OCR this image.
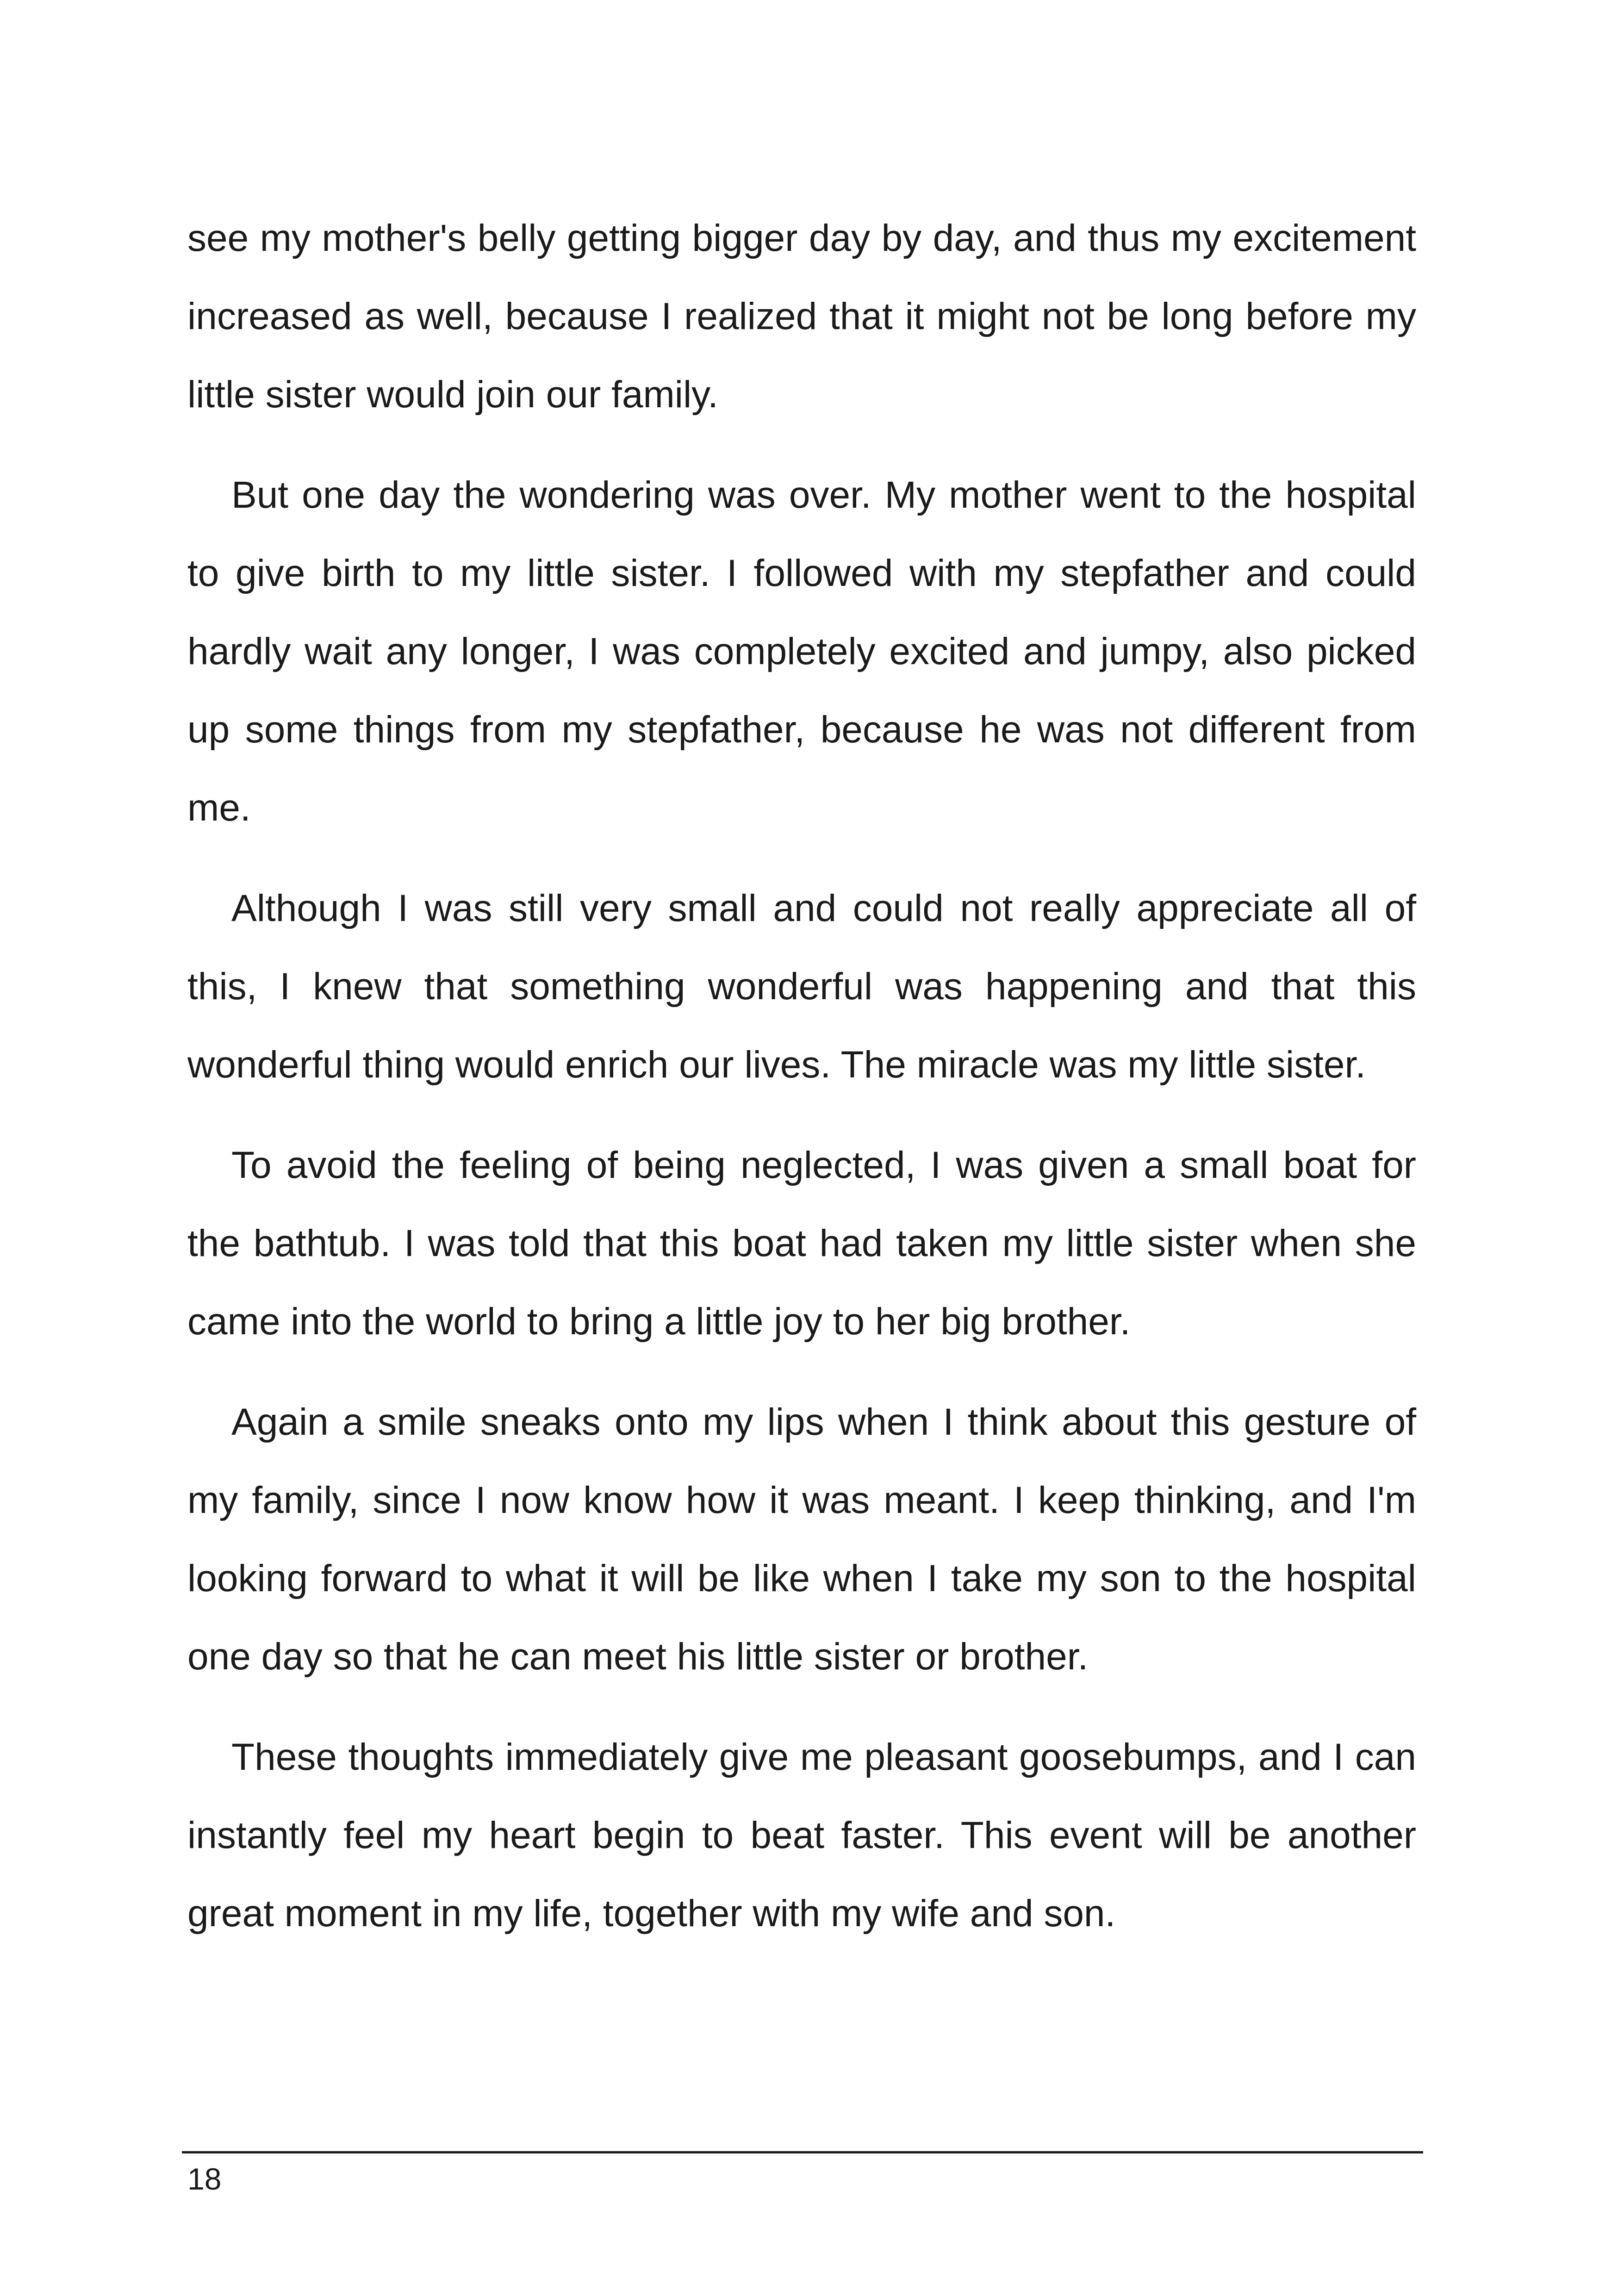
see my mother's belly getting bigger day by day, and thus my excitement increased as well, because I realized that it might not be long before my little sister would join our family.

But one day the wondering was over. My mother went to the hospital to give birth to my little sister. I followed with my stepfather and could hardly wait any longer, I was completely excited and jumpy, also picked up some things from my stepfather, because he was not different from me.

Although I was still very small and could not really appreciate all of this, I knew that something wonderful was happening and that this wonderful thing would enrich our lives. The miracle was my little sister.

To avoid the feeling of being neglected, I was given a small boat for the bathtub. I was told that this boat had taken my little sister when she came into the world to bring a little joy to her big brother.

Again a smile sneaks onto my lips when I think about this gesture of my family, since I now know how it was meant. I keep thinking, and I'm looking forward to what it will be like when I take my son to the hospital one day so that he can meet his little sister or brother.

These thoughts immediately give me pleasant goosebumps, and I can instantly feel my heart begin to beat faster. This event will be another great moment in my life, together with my wife and son.

18
